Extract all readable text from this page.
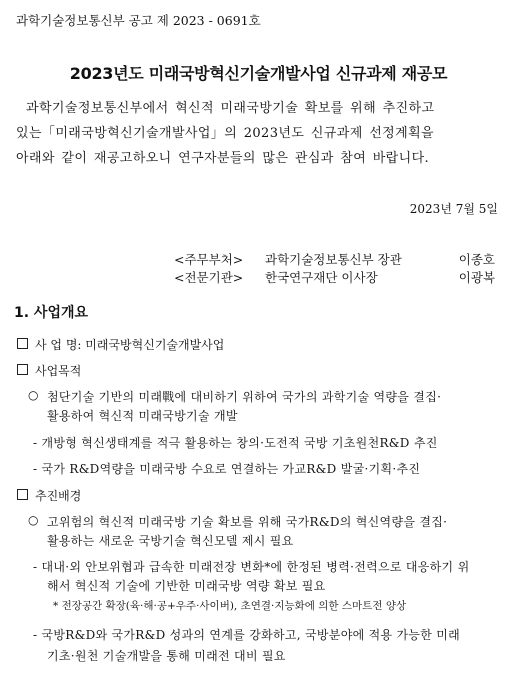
과학기술정보통신부 공고 제 2023 - 0691호
2023년도 미래국방혁신기술개발사업 신규과제 재공모
과학기술정보통신부에서 혁신적 미래국방기술 확보를 위해 추진하고
있는「미래국방혁신기술개발사업」의 2023년도 신규과제 선정계획을
아래와 같이 재공고하오니 연구자분들의 많은 관심과 참여 바랍니다.
2023년 7월 5일
<주무부처> 과학기술정보통신부 장관	이종호
<전문기관> 한국연구재단 이사장	이광복
1. 사업개요
사 업 명: 미래국방혁신기술개발사업
사업목적
○ 첨단기술 기반의 미래戰에 대비하기 위하여 국가의 과학기술 역량을 결집·
활용하여 혁신적 미래국방기술 개발
- 개방형 혁신생태계를 적극 활용하는 창의·도전적 국방 기초원천R&D 추진
- 국가 R&D역량을 미래국방 수요로 연결하는 가교R&D 발굴·기획·추진
추진배경
○ 고위험의 혁신적 미래국방 기술 확보를 위해 국가R&D의 혁신역량을 결집·
활용하는 새로운 국방기술 혁신모델 제시 필요
- 대내·외 안보위협과 급속한 미래전장 변화*에 한정된 병력·전력으로 대응하기 위
해서 혁신적 기술에 기반한 미래국방 역량 확보 필요
* 전장공간 확장(육·해·공+우주·사이버), 초연결·지능화에 의한 스마트전 양상
- 국방R&D와 국가R&D 성과의 연계를 강화하고, 국방분야에 적용 가능한 미래
기초·원천 기술개발을 통해 미래전 대비 필요
